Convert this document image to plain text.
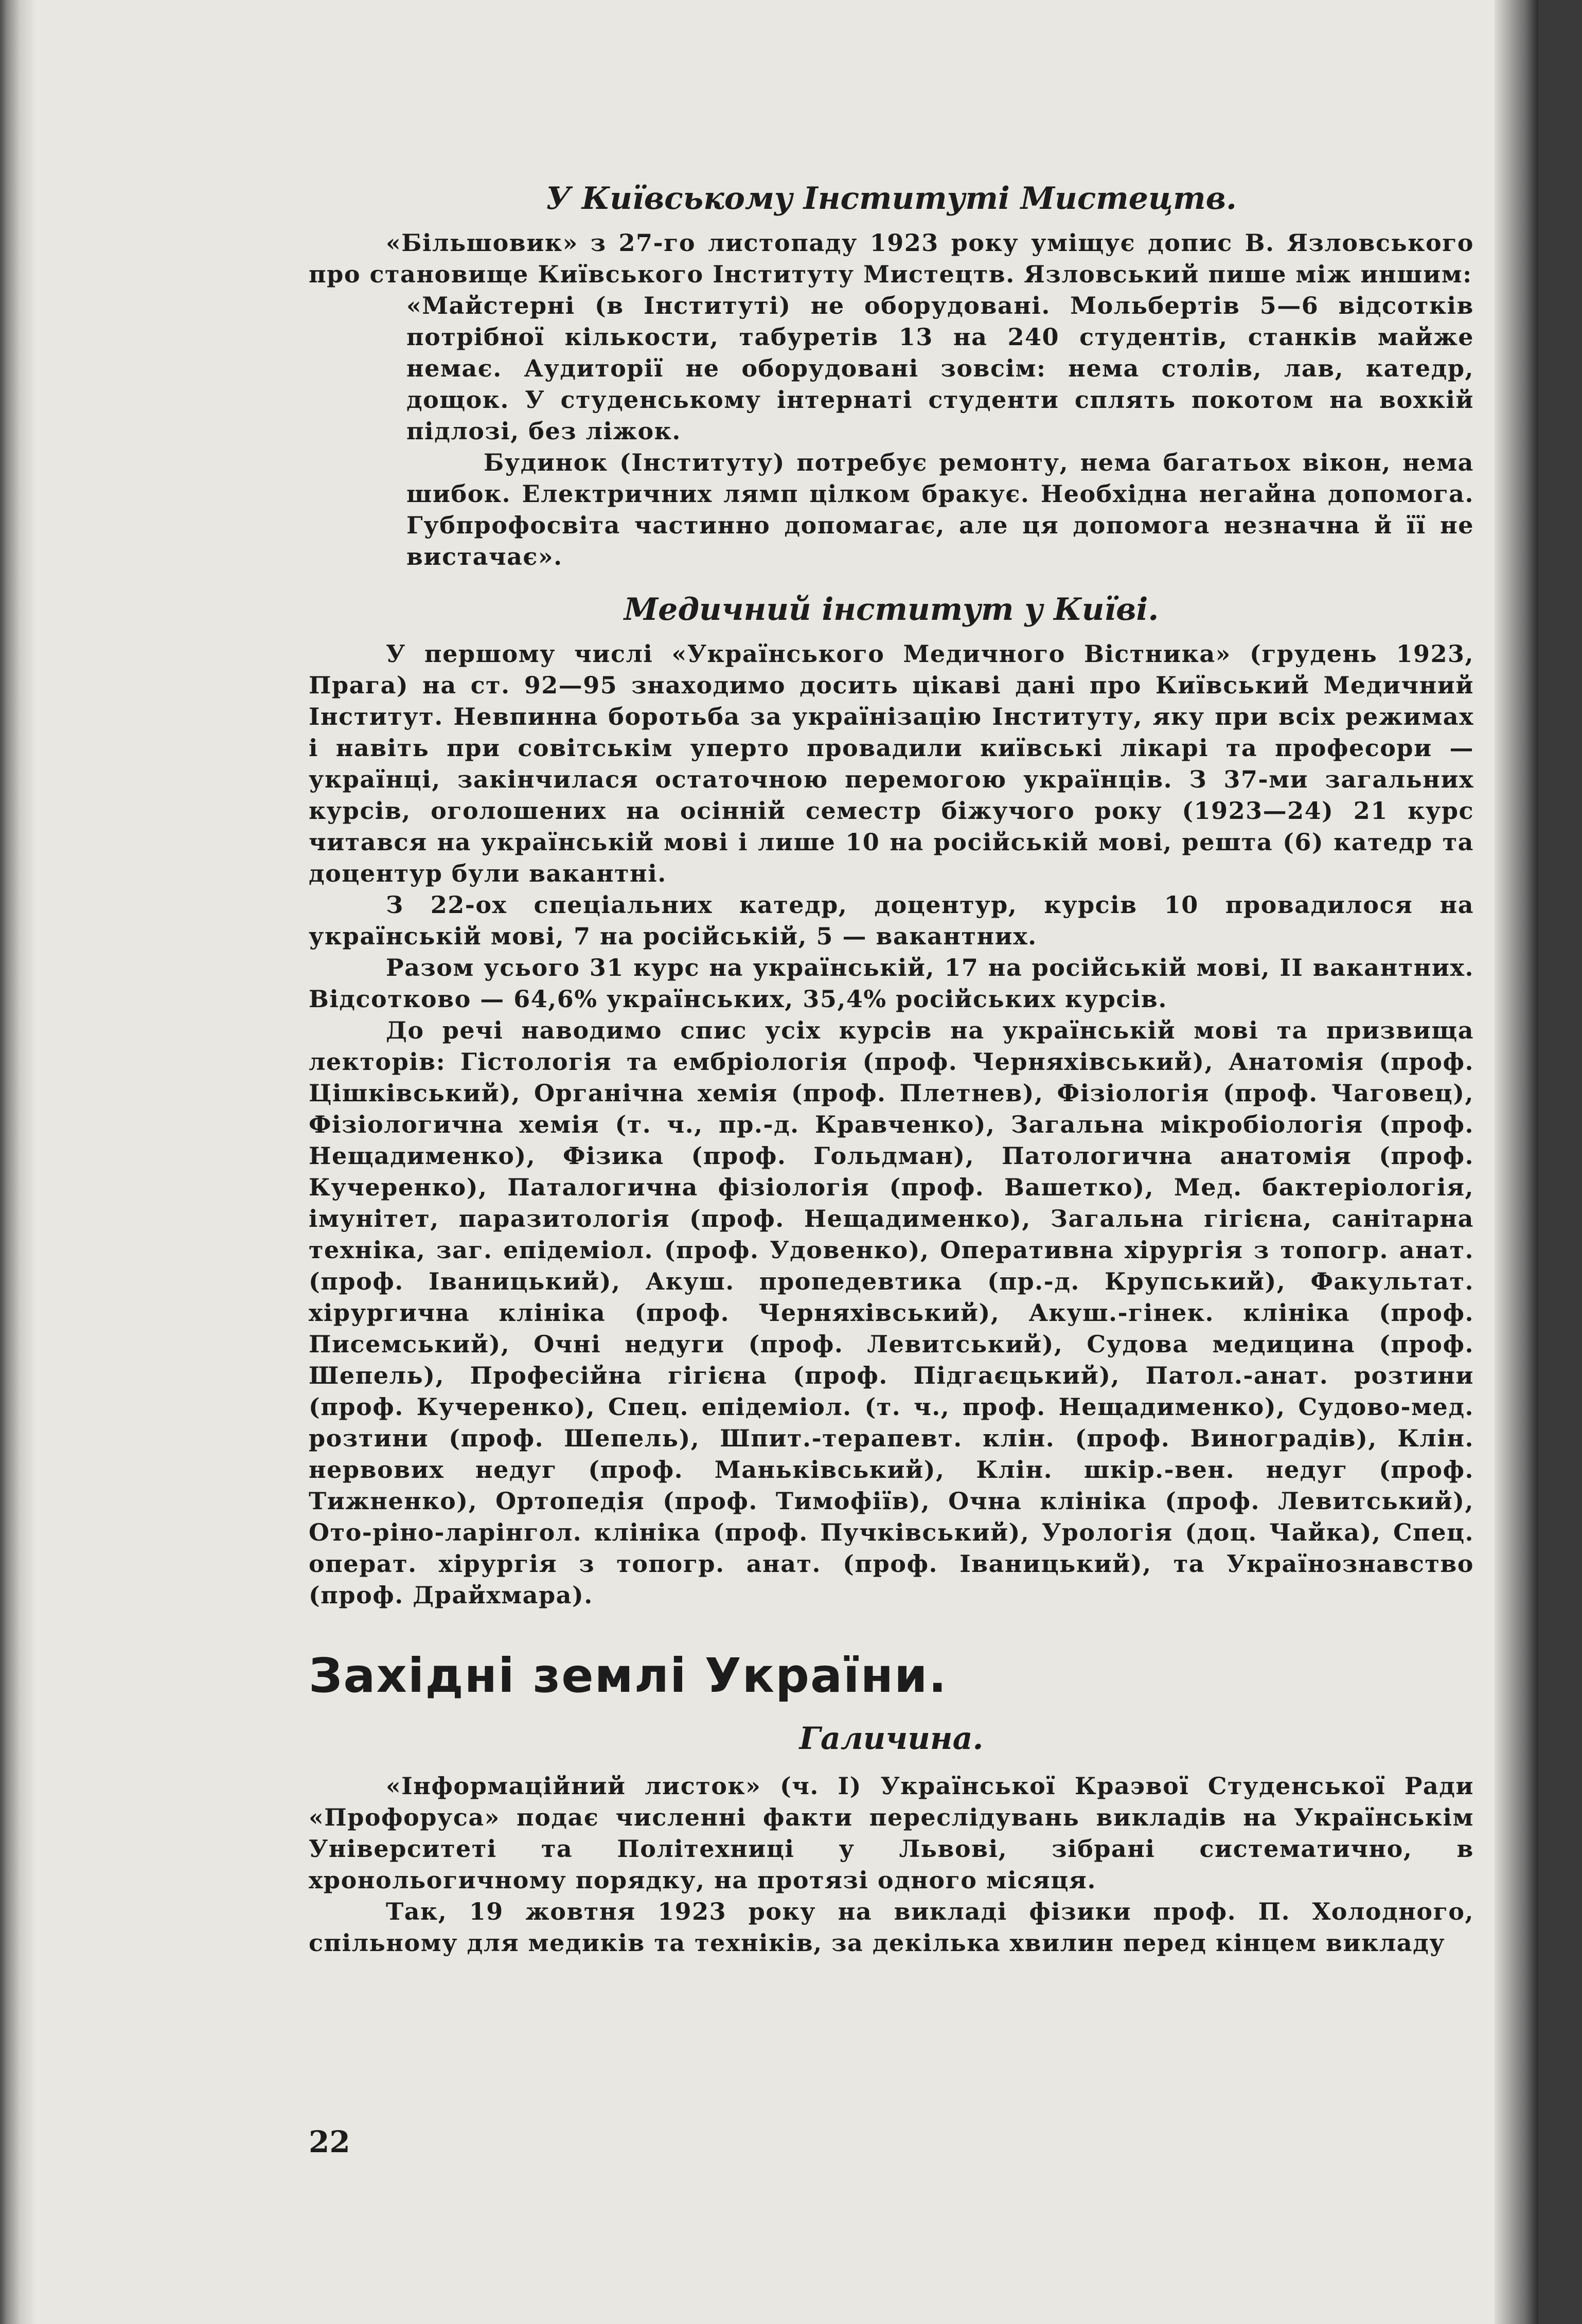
У Київському Інституті Мистецтв.

«Більшовик» з 27-го листопаду 1923 року уміщує допис В. Язловського про становище Київського Інституту Мистецтв. Язловський пише між иншим:

«Майстерні (в Інституті) не оборудовані. Мольбертів 5—6 відсотків потрібної кількости, табуретів 13 на 240 студентів, станків майже немає. Аудиторії не оборудовані зовсім: нема столів, лав, катедр, дощок. У студенському інтернаті студенти сплять покотом на вохкій підлозі, без ліжок.

Будинок (Інституту) потребує ремонту, нема багатьох вікон, нема шибок. Електричних лямп цілком бракує. Необхідна негайна допомога. Губпрофосвіта частинно допомагає, але ця допомога незначна й її не вистачає».

Медичний інститут у Київі.

У першому числі «Українського Медичного Вістника» (грудень 1923, Прага) на ст. 92—95 знаходимо досить цікаві дані про Київський Медичний Інститут. Невпинна боротьба за українізацію Інституту, яку при всіх режимах і навіть при совітськім уперто провадили київські лікарі та професори — українці, закінчилася остаточною перемогою українців. З 37-ми загальних курсів, оголошених на осінній семестр біжучого року (1923—24) 21 курс читався на українській мові і лише 10 на російській мові, решта (6) катедр та доцентур були вакантні.

З 22-ох спеціальних катедр, доцентур, курсів 10 провадилося на українській мові, 7 на російській, 5 — вакантних.

Разом усього 31 курс на українській, 17 на російській мові, ІІ вакантних. Відсотково — 64,6% українських, 35,4% російських курсів.

До речі наводимо спис усіх курсів на українській мові та призвища лекторів: Гістологія та ембріологія (проф. Черняхівський), Анатомія (проф. Цішківський), Органічна хемія (проф. Плетнев), Фізіологія (проф. Чаговец), Фізіологична хемія (т. ч., пр.-д. Кравченко), Загальна мікробіологія (проф. Нещадименко), Фізика (проф. Гольдман), Патологична анатомія (проф. Кучеренко), Паталогична фізіологія (проф. Вашетко), Мед. бактеріологія, імунітет, паразитологія (проф. Нещадименко), Загальна гігієна, санітарна техніка, заг. епідеміол. (проф. Удовенко), Оперативна хірургія з топогр. анат. (проф. Іваницький), Акуш. пропедевтика (пр.-д. Крупський), Факультат. хірургична клініка (проф. Черняхівський), Акуш.-гінек. клініка (проф. Писемський), Очні недуги (проф. Левитський), Судова медицина (проф. Шепель), Професійна гігієна (проф. Підгаєцький), Патол.-анат. розтини (проф. Кучеренко), Спец. епідеміол. (т. ч., проф. Нещадименко), Судово-мед. розтини (проф. Шепель), Шпит.-терапевт. клін. (проф. Виноградів), Клін. нервових недуг (проф. Маньківський), Клін. шкір.-вен. недуг (проф. Тижненко), Ортопедія (проф. Тимофіїв), Очна клініка (проф. Левитський), Ото-ріно-ларінгол. клініка (проф. Пучківський), Урологія (доц. Чайка), Спец. операт. хірургія з топогр. анат. (проф. Іваницький), та Українознавство (проф. Драйхмара).

Західні землі України.
Галичина.

«Інформаційний листок» (ч. І) Української Краэвої Студенської Ради «Профоруса» подає численні факти переслідувань викладів на Українськім Університеті та Політехниці у Львові, зібрані систематично, в хронольогичному порядку, на протязі одного місяця.

Так, 19 жовтня 1923 року на викладі фізики проф. П. Холодного, спільному для медиків та техніків, за декілька хвилин перед кінцем викладу

22
